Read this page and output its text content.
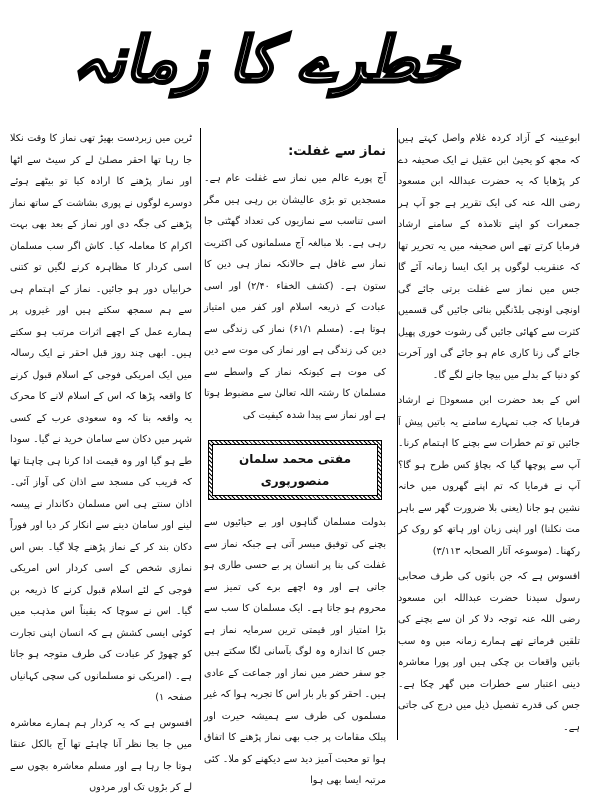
خطرے کا زمانہ

ابوعیینہ کے آزاد کردہ غلام واصل کہتے ہیں کہ مجھ کو یحییٰ ابن عقیل نے ایک صحیفہ دے کر پڑھایا کہ یہ حضرت عبداللہ ابن مسعود رضی اللہ عنہ کی ایک تقریر ہے جو آپ ہر جمعرات کو اپنے تلامذہ کے سامنے ارشاد فرمایا کرتے تھے اس صحیفہ میں یہ تحریر تھا کہ عنقریب لوگوں پر ایک ایسا زمانہ آئے گا جس میں نماز سے غفلت برتی جائے گی اونچی اونچی بلڈنگیں بنائی جائیں گی قسمیں کثرت سے کھائی جائیں گی رشوت خوری پھیل جائے گی زنا کاری عام ہو جائے گی اور آخرت کو دنیا کے بدلے میں بیچا جانے لگے گا۔

اس کے بعد حضرت ابن مسعودؓ نے ارشاد فرمایا کہ جب تمہارے سامنے یہ باتیں پیش آ جائیں تو تم خطرات سے بچنے کا اہتمام کرنا۔ آپ سے پوچھا گیا کہ بچاؤ کس طرح ہو گا؟ آپ نے فرمایا کہ تم اپنے گھروں میں خانہ نشین ہو جانا (یعنی بلا ضرورت گھر سے باہر مت نکلنا) اور اپنی زبان اور ہاتھ کو روک کر رکھنا۔ (موسوعہ آثار الصحابہ ۳/۱۱۳)

افسوس ہے کہ جن باتوں کی طرف صحابی رسول سیدنا حضرت عبداللہ ابن مسعود رضی اللہ عنہ توجہ دلا کر ان سے بچنے کی تلقین فرماتے تھے ہمارے زمانہ میں وہ سب باتیں واقعات بن چکی ہیں اور پورا معاشرہ دینی اعتبار سے خطرات میں گھر چکا ہے۔ جس کی قدرے تفصیل ذیل میں درج کی جاتی ہے۔

نماز سے غفلت:

آج پورے عالم میں نماز سے غفلت عام ہے۔ مسجدیں تو بڑی عالیشان بن رہی ہیں مگر اسی تناسب سے نمازیوں کی تعداد گھٹتی جا رہی ہے۔ بلا مبالغہ آج مسلمانوں کی اکثریت نماز سے غافل ہے حالانکہ نماز ہی دین کا ستون ہے۔ (کشف الخفاء ۲/۴۰) اور اسی عبادت کے ذریعہ اسلام اور کفر میں امتیاز ہوتا ہے۔ (مسلم ۶۱/۱) نماز کی زندگی سے دین کی زندگی ہے اور نماز کی موت سے دین کی موت ہے کیونکہ نماز کے واسطے سے مسلمان کا رشتہ اللہ تعالیٰ سے مضبوط ہوتا ہے اور نماز سے پیدا شدہ کیفیت کی

مفتی محمد سلمان منصورپوری

بدولت مسلمان گناہوں اور بے حیائیوں سے بچنے کی توفیق میسر آتی ہے جبکہ نماز سے غفلت کی بنا پر انسان پر بے حسی طاری ہو جاتی ہے اور وہ اچھے برے کی تمیز سے محروم ہو جاتا ہے۔ ایک مسلمان کا سب سے بڑا امتیاز اور قیمتی ترین سرمایہ نماز ہے جس کا اندازہ وہ لوگ بآسانی لگا سکتے ہیں جو سفر حضر میں نماز اور جماعت کے عادی ہیں۔ احقر کو بار بار اس کا تجربہ ہوا کہ غیر مسلموں کی طرف سے ہمیشہ حیرت اور پبلک مقامات پر جب بھی نماز پڑھنے کا اتفاق ہوا تو محبت آمیز دید سے دیکھنے کو ملا۔ کئی مرتبہ ایسا بھی ہوا

ٹرین میں زبردست بھیڑ تھی نماز کا وقت نکلا جا رہا تھا احقر مصلیٰ لے کر سیٹ سے اٹھا اور نماز پڑھنے کا ارادہ کیا تو بیٹھے ہوئے دوسرے لوگوں نے پوری بشاشت کے ساتھ نماز پڑھنے کی جگہ دی اور نماز کے بعد بھی بہت اکرام کا معاملہ کیا۔ کاش اگر سب مسلمان اسی کردار کا مظاہرہ کرنے لگیں تو کتنی خرابیاں دور ہو جائیں۔ نماز کے اہتمام ہی سے ہم سمجھ سکتے ہیں اور غیروں پر ہمارے عمل کے اچھے اثرات مرتب ہو سکتے ہیں۔ ابھی چند روز قبل احقر نے ایک رسالہ میں ایک امریکی فوجی کے اسلام قبول کرنے کا واقعہ پڑھا کہ اس کے اسلام لانے کا محرک یہ واقعہ بنا کہ وہ سعودی عرب کے کسی شہر میں دکان سے سامان خرید نے گیا۔ سودا طے ہو گیا اور وہ قیمت ادا کرنا ہی چاہتا تھا کہ قریب کی مسجد سے اذان کی آواز آئی۔ اذان سنتے ہی اس مسلمان دکاندار نے پیسہ لینے اور سامان دینے سے انکار کر دیا اور فوراً دکان بند کر کے نماز پڑھنے چلا گیا۔ بس اس نمازی شخص کے اسی کردار اس امریکی فوجی کے لئے اسلام قبول کرنے کا ذریعہ بن گیا۔ اس نے سوچا کہ یقیناً اس مذہب میں کوئی ایسی کشش ہے کہ انسان اپنی تجارت کو چھوڑ کر عبادت کی طرف متوجہ ہو جاتا ہے۔ (امریکی نو مسلمانوں کی سچی کہانیاں صفحہ ۱)

افسوس ہے کہ یہ کردار ہم ہمارے معاشرہ میں جا بجا نظر آنا چاہئے تھا آج بالکل عنقا ہوتا جا رہا ہے اور مسلم معاشرہ بچوں سے لے کر بڑوں تک اور مردوں
